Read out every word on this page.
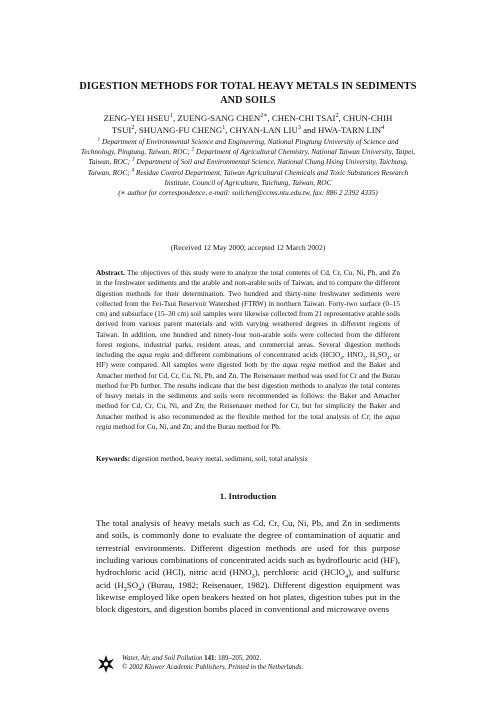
DIGESTION METHODS FOR TOTAL HEAVY METALS IN SEDIMENTS
AND SOILS
ZENG-YEI HSEU$^1$, ZUENG-SANG $CHEN^{2∗}$, CHEN-CHI TSAI$^2$, CHUN-CHIH
TSUI$^2$, SHUANG-FU CHENG$^1$, CHYAN-LAN LIU$^3$ and HWA-TARN LIN$^4$
$^1$ Department of Environmental Science and Engineering, National Pingtung University of Science and Technology, Pingtung, Taiwan, ROC; $^2$ Department of Agricultural Chemistry, National Taiwan University, Taipei, Taiwan, ROC; $^3$ Department of Soil and Environmental Science, National Chung Hsing University, Taichung, Taiwan, ROC; $^4$ Residue Control Department, Taiwan Agricultural Chemicals and Toxic Substances Research Institute, Council of Agriculture, Taichung, Taiwan, ROC
(∗ author for correspondence, e-mail: soilchen@ccms.ntu.edu.tw, fax: 886 2 2392 4335)
(Received 12 May 2000; accepted 12 March 2002)
Abstract. The objectives of this study were to analyze the total contents of Cd, Cr, Cu, Ni, Pb, and Zn in the freshwater sediments and the arable and non-arable soils of Taiwan, and to compare the different digestion methods for their determination. Two hundred and thirty-nine freshwater sediments were collected from the Fei-Tsui Reservoir Watershed (FTRW) in northern Taiwan. Forty-two surface (0–15 cm) and subsurface (15–30 cm) soil samples were likewise collected from 21 representative arable soils derived from various parent materials and with varying weathered degrees in different regions of Taiwan. In addition, one hundred and ninety-four non-arable soils were collected from the different forest regions, industrial parks, resident areas, and commercial areas. Several digestion methods including the aqua regia and different combinations of concentrated acids (HClO$_4$, $HNO_3$, $H_2SO_4$, or HF) were compared. All samples were digested both by the aqua regia method and the Baker and Amacher method for Cd, Cr, Cu, Ni, Pb, and Zn. The Reisenauer method was used for Cr and the Burau method for Pb further. The results indicate that the best digestion methods to analyze the total contents of heavy metals in the sediments and soils were recommended as follows: the Baker and Amacher method for Cd, Cr, Cu, Ni, and Zn; the Reisenauer method for Cr, but for simplicity the Baker and Amacher method is also recommended as the flexible method for the total analysis of Cr; the aqua regia method for Cu, Ni, and Zn; and the Burau method for Pb.
Keywords: digestion method, heavy metal, sediment, soil, total analysis
1. Introduction
The total analysis of heavy metals such as Cd, Cr, Cu, Ni, Pb, and Zn in sediments and soils, is commonly done to evaluate the degree of contamination of aquatic and terrestrial environments. Different digestion methods are used for this purpose including various combinations of concentrated acids such as hydroflouric acid (HF), hydrochloric acid (HCl), nitric acid $(HNO_3)$, perchloric acid (HClO$_4$), and sulfuric acid $(H_2SO_4)$ (Burau, 1982; Reisenauer, 1982). Different digestion equipment was likewise employed like open beakers heated on hot plates, digestion tubes put in the block digestors, and digestion bombs placed in conventional and microwave ovens
Water, Air, and Soil Pollution 141: 189–205, 2002.
© 2002 Kluwer Academic Publishers. Printed in the Netherlands.
